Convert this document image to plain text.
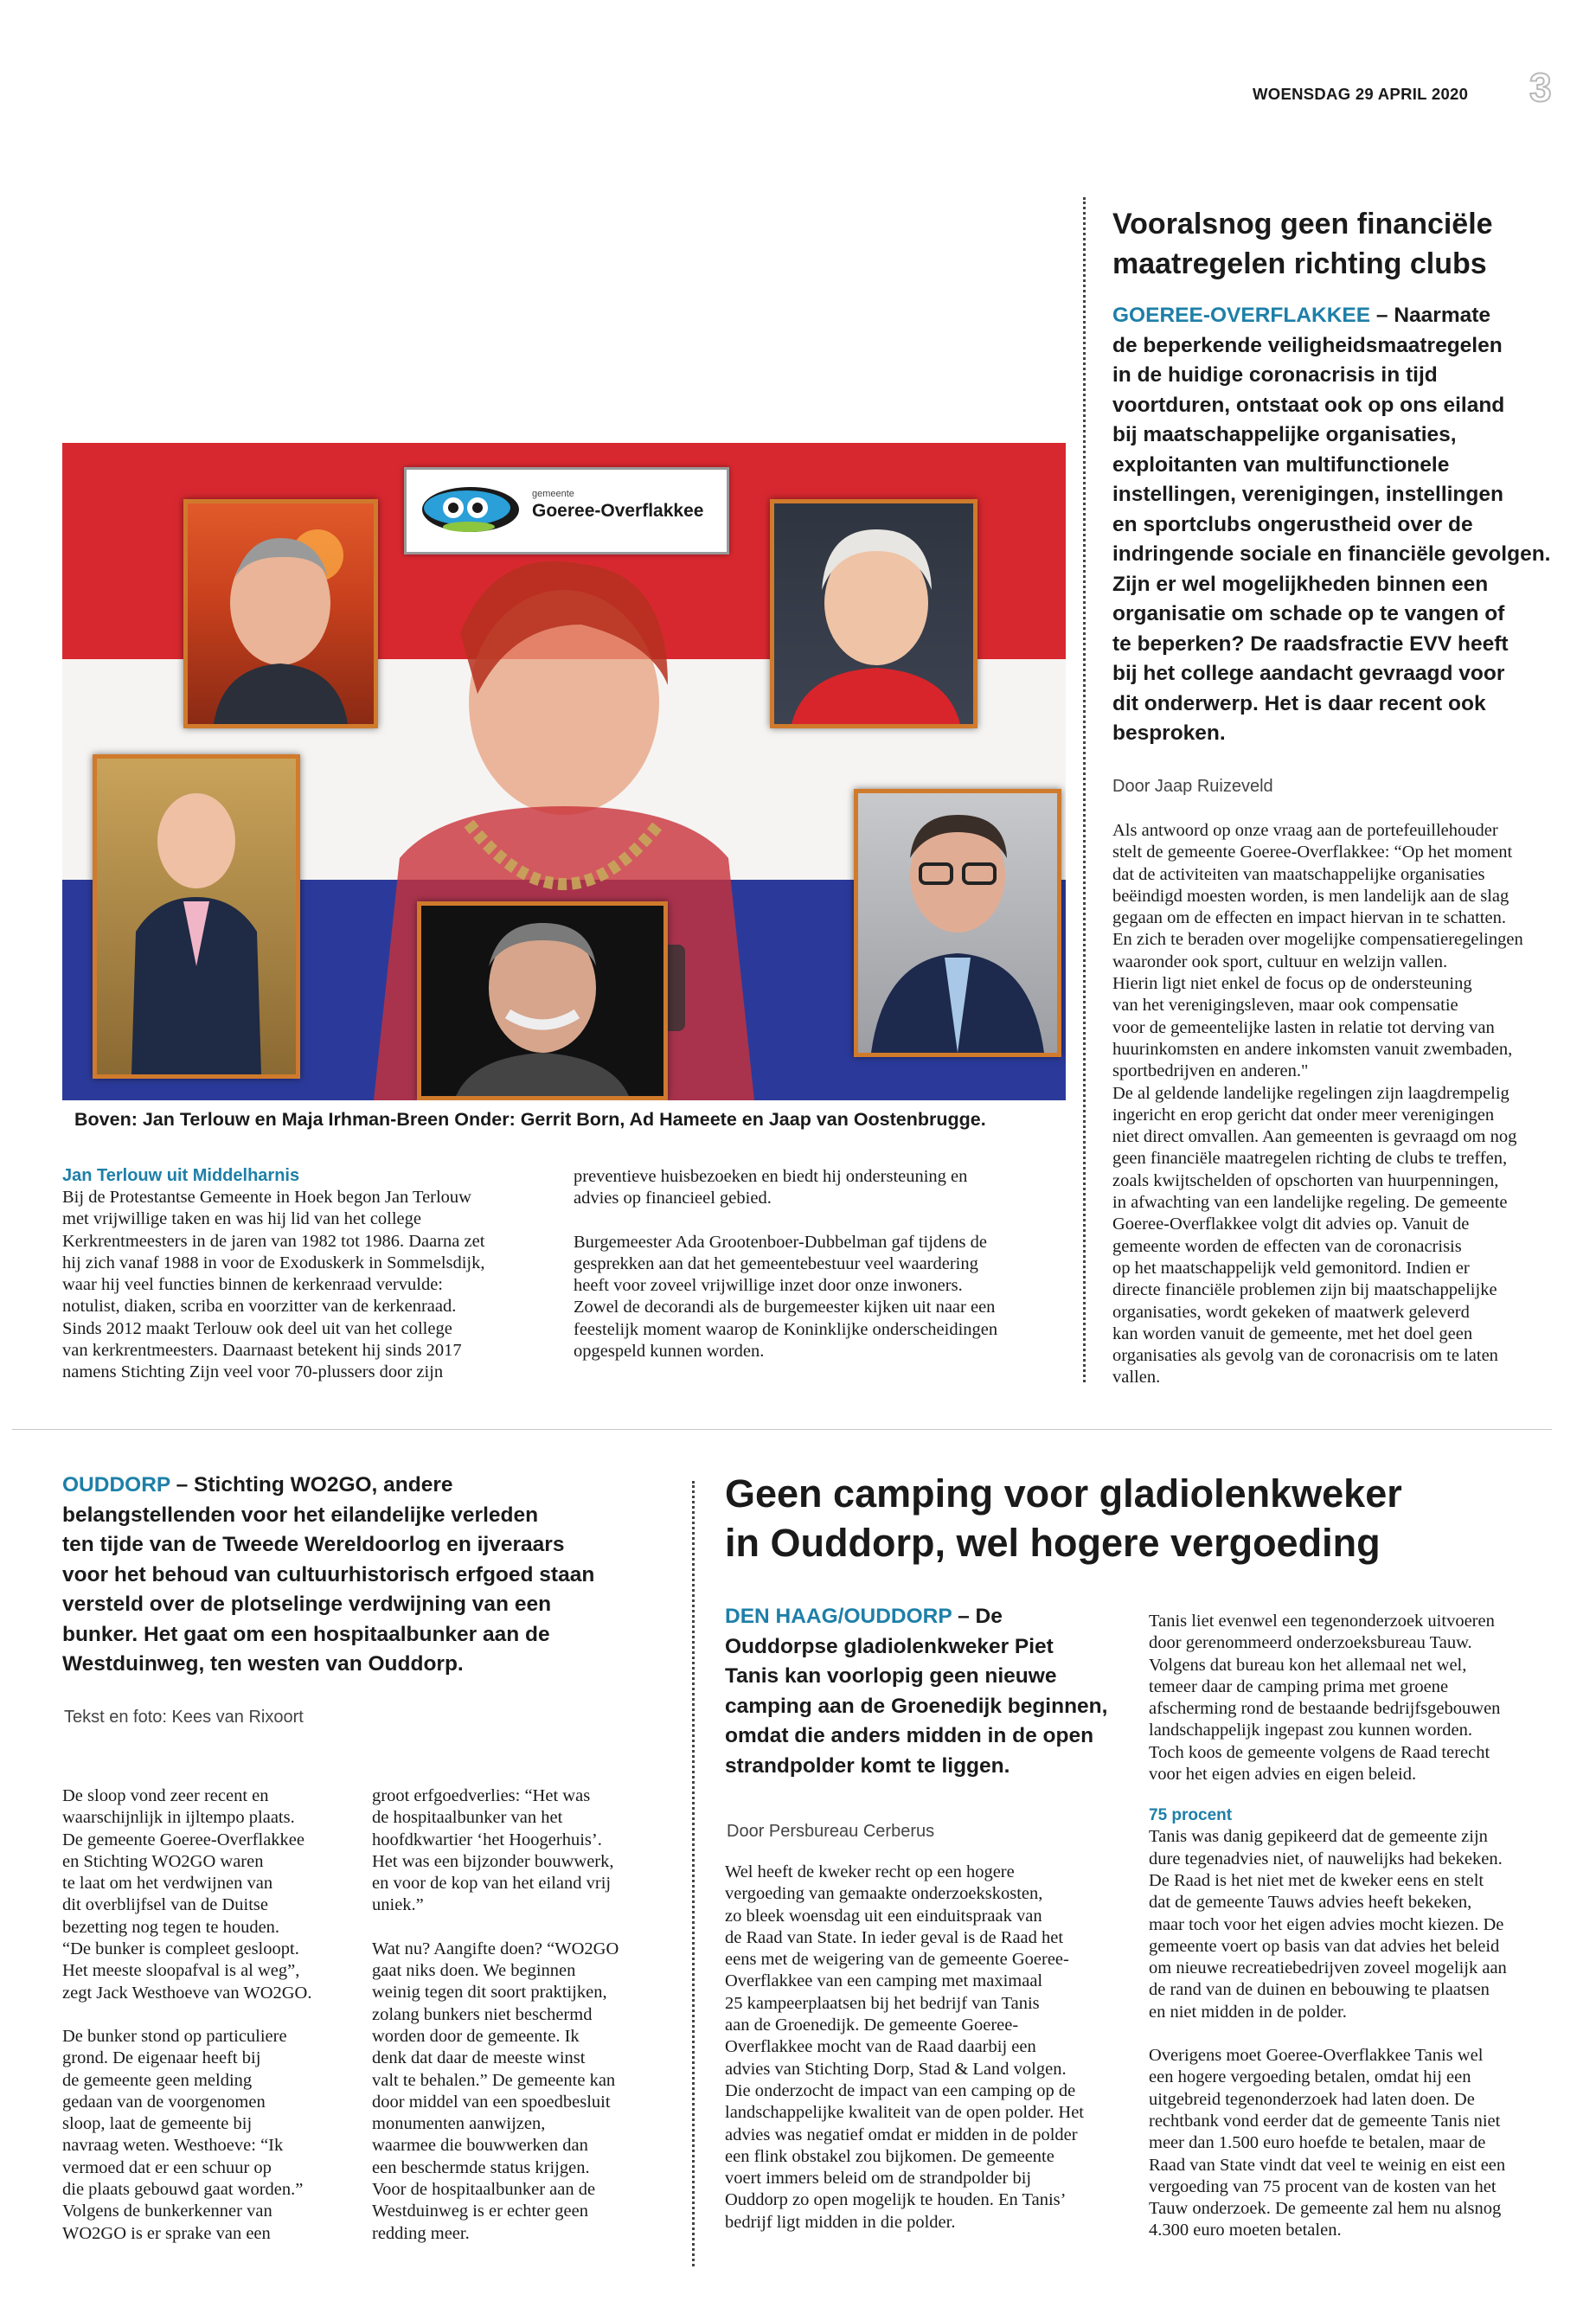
WOENSDAG 29 APRIL 2020 3
Vooralsnog geen financiële
maatregelen richting clubs
GOEREE-OVERFLAKKEE – Naarmate
de beperkende veiligheidsmaatregelen
in de huidige coronacrisis in tijd
voortduren, ontstaat ook op ons eiland
bij maatschappelijke organisaties,
exploitanten van multifunctionele
instellingen, verenigingen, instellingen
en sportclubs ongerustheid over de
indringende sociale en financiële gevolgen.
Zijn er wel mogelijkheden binnen een
organisatie om schade op te vangen of
te beperken? De raadsfractie EVV heeft
bij het college aandacht gevraagd voor
dit onderwerp. Het is daar recent ook
besproken.
Door Jaap Ruizeveld
Als antwoord op onze vraag aan de portefeuillehouder
stelt de gemeente Goeree-Overflakkee: “Op het moment
dat de activiteiten van maatschappelijke organisaties
beëindigd moesten worden, is men landelijk aan de slag
gegaan om de effecten en impact hiervan in te schatten.
En zich te beraden over mogelijke compensatieregelingen
waaronder ook sport, cultuur en welzijn vallen.
Hierin ligt niet enkel de focus op de ondersteuning
van het verenigingsleven, maar ook compensatie
voor de gemeentelijke lasten in relatie tot derving van
huurinkomsten en andere inkomsten vanuit zwembaden,
sportbedrijven en anderen."
De al geldende landelijke regelingen zijn laagdrempelig
ingericht en erop gericht dat onder meer verenigingen
niet direct omvallen. Aan gemeenten is gevraagd om nog
geen financiële maatregelen richting de clubs te treffen,
zoals kwijtschelden of opschorten van huurpenningen,
in afwachting van een landelijke regeling. De gemeente
Goeree-Overflakkee volgt dit advies op. Vanuit de
gemeente worden de effecten van de coronacrisis
op het maatschappelijk veld gemonitord. Indien er
directe financiële problemen zijn bij maatschappelijke
organisaties, wordt gekeken of maatwerk geleverd
kan worden vanuit de gemeente, met het doel geen
organisaties als gevolg van de coronacrisis om te laten
vallen.
gemeente
Goeree-Overflakkee
Boven: Jan Terlouw en Maja Irhman-Breen Onder: Gerrit Born, Ad Hameete en Jaap van Oostenbrugge.
Jan Terlouw uit Middelharnis
Bij de Protestantse Gemeente in Hoek begon Jan Terlouw
met vrijwillige taken en was hij lid van het college
Kerkrentmeesters in de jaren van 1982 tot 1986. Daarna zet
hij zich vanaf 1988 in voor de Exoduskerk in Sommelsdijk,
waar hij veel functies binnen de kerkenraad vervulde:
notulist, diaken, scriba en voorzitter van de kerkenraad.
Sinds 2012 maakt Terlouw ook deel uit van het college
van kerkrentmeesters. Daarnaast betekent hij sinds 2017
namens Stichting Zijn veel voor 70-plussers door zijn
preventieve huisbezoeken en biedt hij ondersteuning en
advies op financieel gebied.
Burgemeester Ada Grootenboer-Dubbelman gaf tijdens de
gesprekken aan dat het gemeentebestuur veel waardering
heeft voor zoveel vrijwillige inzet door onze inwoners.
Zowel de decorandi als de burgemeester kijken uit naar een
feestelijk moment waarop de Koninklijke onderscheidingen
opgespeld kunnen worden.
OUDDORP – Stichting WO2GO, andere
belangstellenden voor het eilandelijke verleden
ten tijde van de Tweede Wereldoorlog en ijveraars
voor het behoud van cultuurhistorisch erfgoed staan
versteld over de plotselinge verdwijning van een
bunker. Het gaat om een hospitaalbunker aan de
Westduinweg, ten westen van Ouddorp.
Tekst en foto: Kees van Rixoort
De sloop vond zeer recent en
waarschijnlijk in ijltempo plaats.
De gemeente Goeree-Overflakkee
en Stichting WO2GO waren
te laat om het verdwijnen van
dit overblijfsel van de Duitse
bezetting nog tegen te houden.
“De bunker is compleet gesloopt.
Het meeste sloopafval is al weg”,
zegt Jack Westhoeve van WO2GO.
De bunker stond op particuliere
grond. De eigenaar heeft bij
de gemeente geen melding
gedaan van de voorgenomen
sloop, laat de gemeente bij
navraag weten. Westhoeve: “Ik
vermoed dat er een schuur op
die plaats gebouwd gaat worden.”
Volgens de bunkerkenner van
WO2GO is er sprake van een
groot erfgoedverlies: “Het was
de hospitaalbunker van het
hoofdkwartier ‘het Hoogerhuis’.
Het was een bijzonder bouwwerk,
en voor de kop van het eiland vrij
uniek.”
Wat nu? Aangifte doen? “WO2GO
gaat niks doen. We beginnen
weinig tegen dit soort praktijken,
zolang bunkers niet beschermd
worden door de gemeente. Ik
denk dat daar de meeste winst
valt te behalen.” De gemeente kan
door middel van een spoedbesluit
monumenten aanwijzen,
waarmee die bouwwerken dan
een beschermde status krijgen.
Voor de hospitaalbunker aan de
Westduinweg is er echter geen
redding meer.
Geen camping voor gladiolenkweker
in Ouddorp, wel hogere vergoeding
DEN HAAG/OUDDORP – De
Ouddorpse gladiolenkweker Piet
Tanis kan voorlopig geen nieuwe
camping aan de Groenedijk beginnen,
omdat die anders midden in de open
strandpolder komt te liggen.
Door Persbureau Cerberus
Wel heeft de kweker recht op een hogere
vergoeding van gemaakte onderzoekskosten,
zo bleek woensdag uit een einduitspraak van
de Raad van State. In ieder geval is de Raad het
eens met de weigering van de gemeente Goeree-
Overflakkee van een camping met maximaal
25 kampeerplaatsen bij het bedrijf van Tanis
aan de Groenedijk. De gemeente Goeree-
Overflakkee mocht van de Raad daarbij een
advies van Stichting Dorp, Stad & Land volgen.
Die onderzocht de impact van een camping op de
landschappelijke kwaliteit van de open polder. Het
advies was negatief omdat er midden in de polder
een flink obstakel zou bijkomen. De gemeente
voert immers beleid om de strandpolder bij
Ouddorp zo open mogelijk te houden. En Tanis’
bedrijf ligt midden in die polder.
Tanis liet evenwel een tegenonderzoek uitvoeren
door gerenommeerd onderzoeksbureau Tauw.
Volgens dat bureau kon het allemaal net wel,
temeer daar de camping prima met groene
afscherming rond de bestaande bedrijfsgebouwen
landschappelijk ingepast zou kunnen worden.
Toch koos de gemeente volgens de Raad terecht
voor het eigen advies en eigen beleid.
75 procent
Tanis was danig gepikeerd dat de gemeente zijn
dure tegenadvies niet, of nauwelijks had bekeken.
De Raad is het niet met de kweker eens en stelt
dat de gemeente Tauws advies heeft bekeken,
maar toch voor het eigen advies mocht kiezen. De
gemeente voert op basis van dat advies het beleid
om nieuwe recreatiebedrijven zoveel mogelijk aan
de rand van de duinen en bebouwing te plaatsen
en niet midden in de polder.
Overigens moet Goeree-Overflakkee Tanis wel
een hogere vergoeding betalen, omdat hij een
uitgebreid tegenonderzoek had laten doen. De
rechtbank vond eerder dat de gemeente Tanis niet
meer dan 1.500 euro hoefde te betalen, maar de
Raad van State vindt dat veel te weinig en eist een
vergoeding van 75 procent van de kosten van het
Tauw onderzoek. De gemeente zal hem nu alsnog
4.300 euro moeten betalen.
